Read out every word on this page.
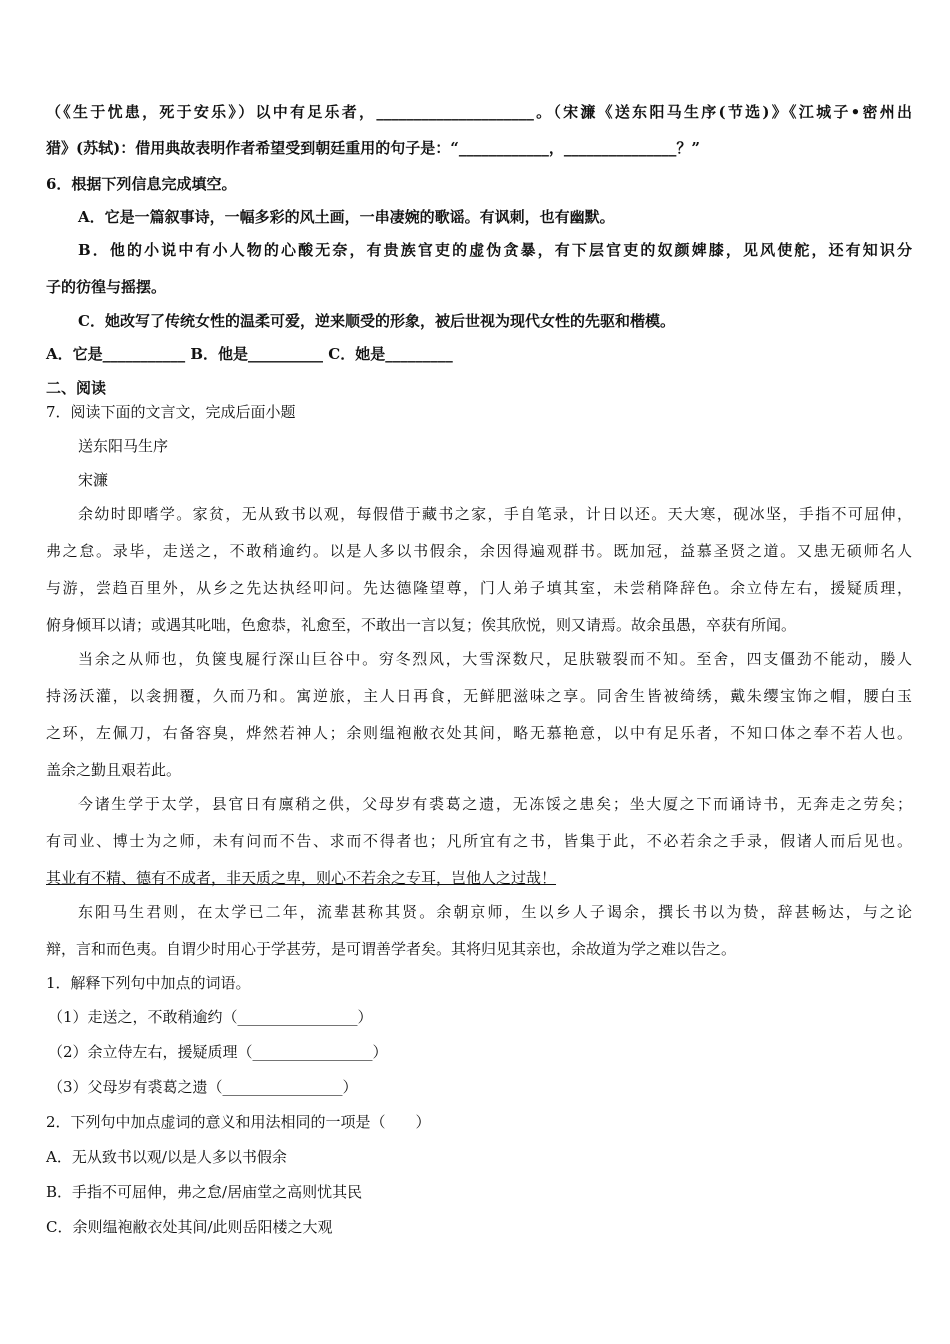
（《生于忧患，死于安乐》）以中有足乐者，_____________________。（宋濂《送东阳马生序(节选)》《江城子•密州出
猎》(苏轼)：借用典故表明作者希望受到朝廷重用的句子是：“____________，_______________？”
6．根据下列信息完成填空。
A．它是一篇叙事诗，一幅多彩的风土画，一串凄婉的歌谣。有讽刺，也有幽默。
B．他的小说中有小人物的心酸无奈，有贵族官吏的虚伪贪暴，有下层官吏的奴颜婢膝，见风使舵，还有知识分
子的彷徨与摇摆。
C．她改写了传统女性的温柔可爱，逆来顺受的形象，被后世视为现代女性的先驱和楷模。
A．它是___________ B．他是__________ C．她是_________
二、阅读
7．阅读下面的文言文，完成后面小题
送东阳马生序
宋濂
余幼时即嗜学。家贫，无从致书以观，每假借于藏书之家，手自笔录，计日以还。天大寒，砚冰坚，手指不可屈伸，
弗之怠。录毕，走送之，不敢稍逾约。以是人多以书假余，余因得遍观群书。既加冠，益慕圣贤之道。又患无硕师名人
与游，尝趋百里外，从乡之先达执经叩问。先达德隆望尊，门人弟子填其室，未尝稍降辞色。余立侍左右，援疑质理，
俯身倾耳以请；或遇其叱咄，色愈恭，礼愈至，不敢出一言以复；俟其欣悦，则又请焉。故余虽愚，卒获有所闻。
当余之从师也，负箧曳屣行深山巨谷中。穷冬烈风，大雪深数尺，足肤皲裂而不知。至舍，四支僵劲不能动，媵人
持汤沃灌，以衾拥覆，久而乃和。寓逆旅，主人日再食，无鲜肥滋味之享。同舍生皆被绮绣，戴朱缨宝饰之帽，腰白玉
之环，左佩刀，右备容臭，烨然若神人；余则缊袍敝衣处其间，略无慕艳意，以中有足乐者，不知口体之奉不若人也。
盖余之勤且艰若此。
今诸生学于太学，县官日有廪稍之供，父母岁有裘葛之遗，无冻馁之患矣；坐大厦之下而诵诗书，无奔走之劳矣；
有司业、博士为之师，未有问而不告、求而不得者也；凡所宜有之书，皆集于此，不必若余之手录，假诸人而后见也。
其业有不精、德有不成者，非天质之卑，则心不若余之专耳，岂他人之过哉！
东阳马生君则，在太学已二年，流辈甚称其贤。余朝京师，生以乡人子谒余，撰长书以为贽，辞甚畅达，与之论
辩，言和而色夷。自谓少时用心于学甚劳，是可谓善学者矣。其将归见其亲也，余故道为学之难以告之。
1．解释下列句中加点的词语。
（1）走送之，不敢稍逾约（________________）
（2）余立侍左右，援疑质理（________________）
（3）父母岁有裘葛之遗（________________）
2．下列句中加点虚词的意义和用法相同的一项是（　　）
A．无从致书以观/以是人多以书假余
B．手指不可屈伸，弗之怠/居庙堂之高则忧其民
C．余则缊袍敝衣处其间/此则岳阳楼之大观
